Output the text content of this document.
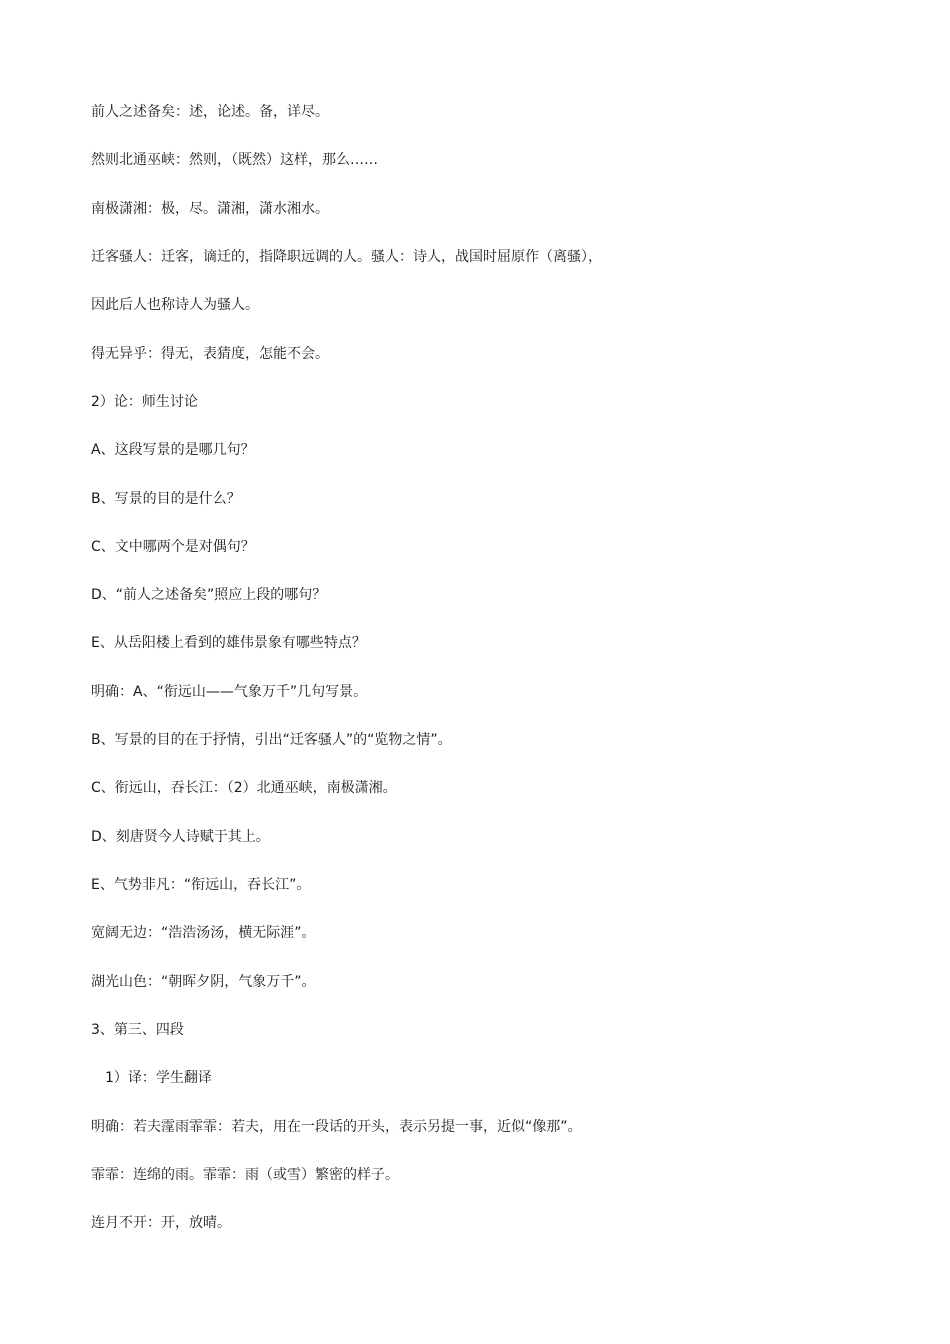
前人之述备矣：述，论述。备，详尽。
然则北通巫峡：然则，（既然）这样，那么……
南极潇湘：极，尽。潇湘，潇水湘水。
迁客骚人：迁客，谪迁的，指降职远调的人。骚人：诗人，战国时屈原作（离骚），
因此后人也称诗人为骚人。
得无异乎：得无，表猜度，怎能不会。
2）论：师生讨论
A、这段写景的是哪几句？
B、写景的目的是什么？
C、文中哪两个是对偶句？
D、“前人之述备矣”照应上段的哪句？
E、从岳阳楼上看到的雄伟景象有哪些特点？
明确：A、“衔远山——气象万千”几句写景。
B、写景的目的在于抒情，引出“迁客骚人”的“览物之情”。
C、衔远山，吞长江：（2）北通巫峡，南极潇湘。
D、刻唐贤今人诗赋于其上。
E、气势非凡：“衔远山，吞长江”。
宽阔无边：“浩浩汤汤，横无际涯”。
湖光山色：“朝晖夕阴，气象万千”。
3、第三、四段
1）译：学生翻译
明确：若夫霪雨霏霏：若夫，用在一段话的开头，表示另提一事，近似“像那”。
霏霏：连绵的雨。霏霏：雨（或雪）繁密的样子。
连月不开：开，放晴。
